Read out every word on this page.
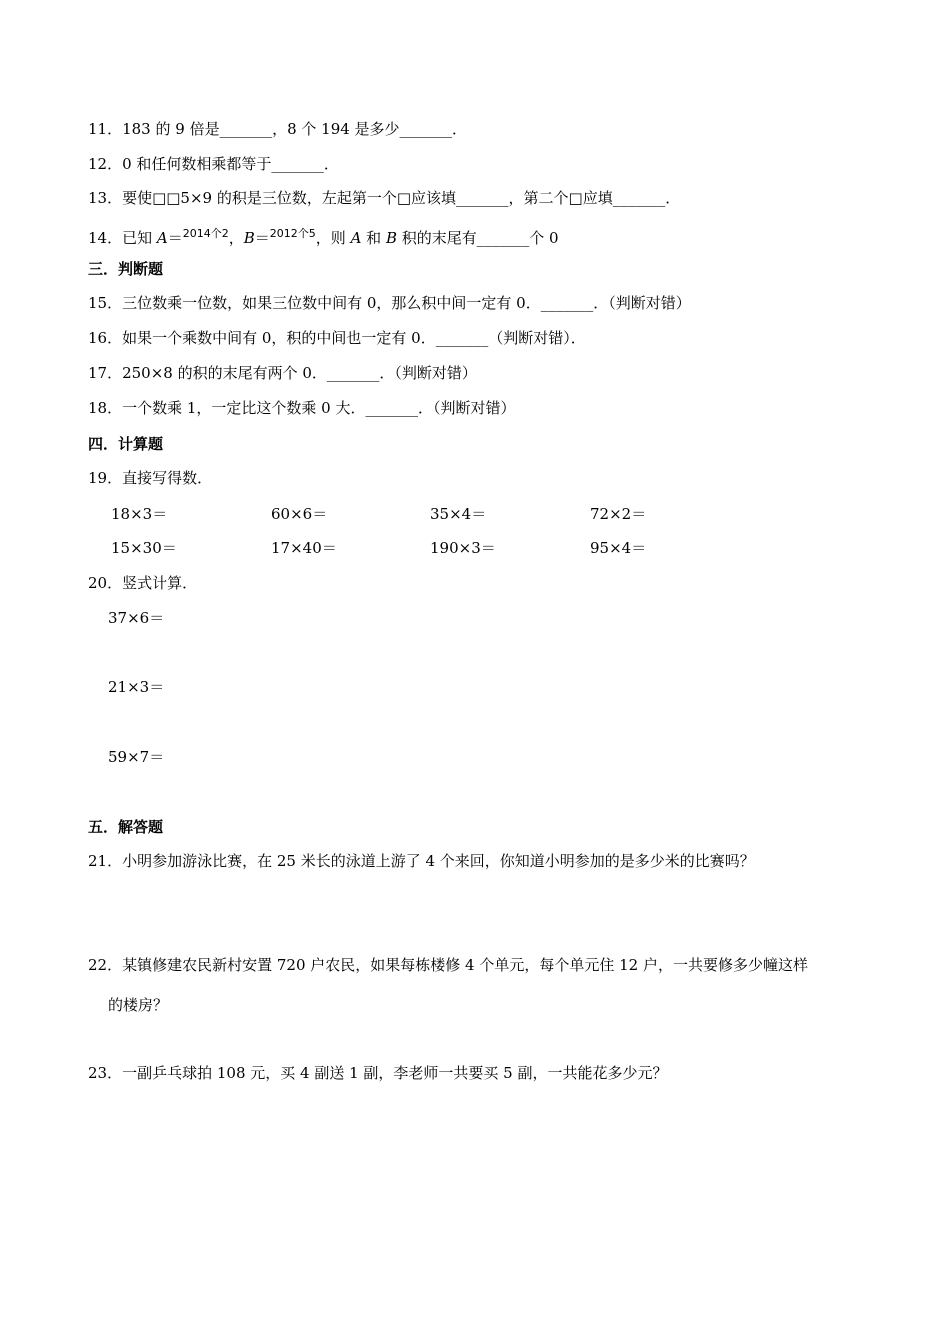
11．183 的 9 倍是_______，8 个 194 是多少_______．
12．0 和任何数相乘都等于_______．
13．要使□□5×9 的积是三位数，左起第一个□应该填_______，第二个□应填_______．
14．已知 A＝$^{2014个2}$，B＝$^{2012个5}$，则 A 和 B 积的末尾有_______个 0
三．判断题
15．三位数乘一位数，如果三位数中间有 0，那么积中间一定有 0．_______．（判断对错）
16．如果一个乘数中间有 0，积的中间也一定有 0．_______（判断对错）．
17．250×8 的积的末尾有两个 0．_______．（判断对错）
18．一个数乘 1，一定比这个数乘 0 大．_______．（判断对错）
四．计算题
19．直接写得数．
18×3＝	60×6＝	35×4＝	72×2＝
15×30＝	17×40＝	190×3＝	95×4＝
20．竖式计算．
37×6＝
21×3＝
59×7＝
五．解答题
21．小明参加游泳比赛，在 25 米长的泳道上游了 4 个来回，你知道小明参加的是多少米的比赛吗？
22．某镇修建农民新村安置 720 户农民，如果每栋楼修 4 个单元，每个单元住 12 户，一共要修多少幢这样
的楼房？
23．一副乒乓球拍 108 元，买 4 副送 1 副，李老师一共要买 5 副，一共能花多少元？
